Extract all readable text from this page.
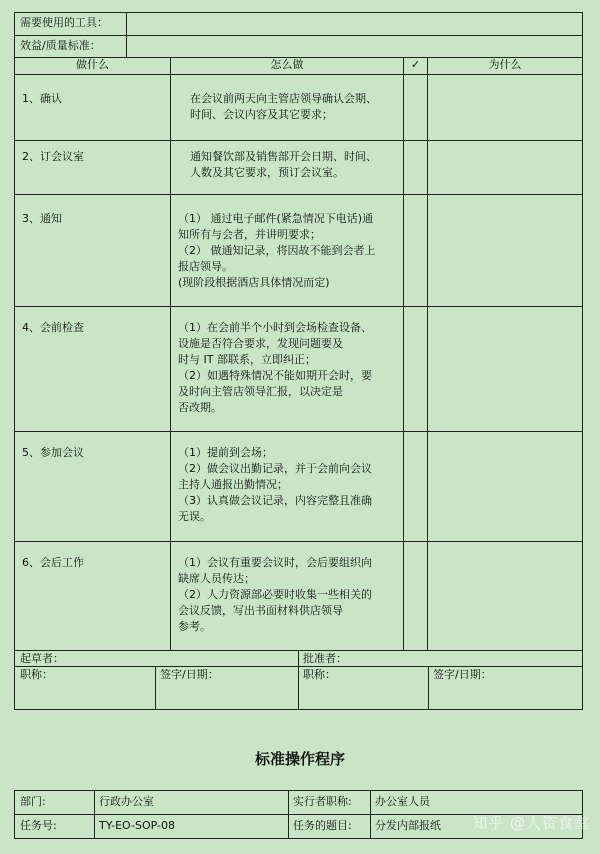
需要使用的工具：
效益/质量标准：
做什么	怎么做	✓	为什么
1、确认	在会议前两天向主管店领导确认会期、
时间、会议内容及其它要求；
2、订会议室	通知餐饮部及销售部开会日期、时间、
人数及其它要求，预订会议室。
3、通知	（1） 通过电子邮件(紧急情况下电话)通
知所有与会者，并讲明要求；
（2） 做通知记录，将因故不能到会者上
报店领导。
(现阶段根据酒店具体情况而定)
4、会前检查	（1）在会前半个小时到会场检查设备、
设施是否符合要求，发现问题要及
时与 IT 部联系，立即纠正；
（2）如遇特殊情况不能如期开会时，要
及时向主管店领导汇报，以决定是
否改期。
5、参加会议	（1）提前到会场；
（2）做会议出勤记录，并于会前向会议
主持人通报出勤情况；
（3）认真做会议记录，内容完整且准确
无误。
6、会后工作	（1）会议有重要会议时，会后要组织向
缺席人员传达；
（2）人力资源部必要时收集一些相关的
会议反馈，写出书面材料供店领导
参考。
起草者：	批准者：
职称：	签字/日期：	职称：	签字/日期：
标准操作程序
部门:	行政办公室	实行者职称: 办公室人员
任务号:	TY-EO-SOP-08	任务的题目: 分发内部报纸 知乎 @人资食堂
